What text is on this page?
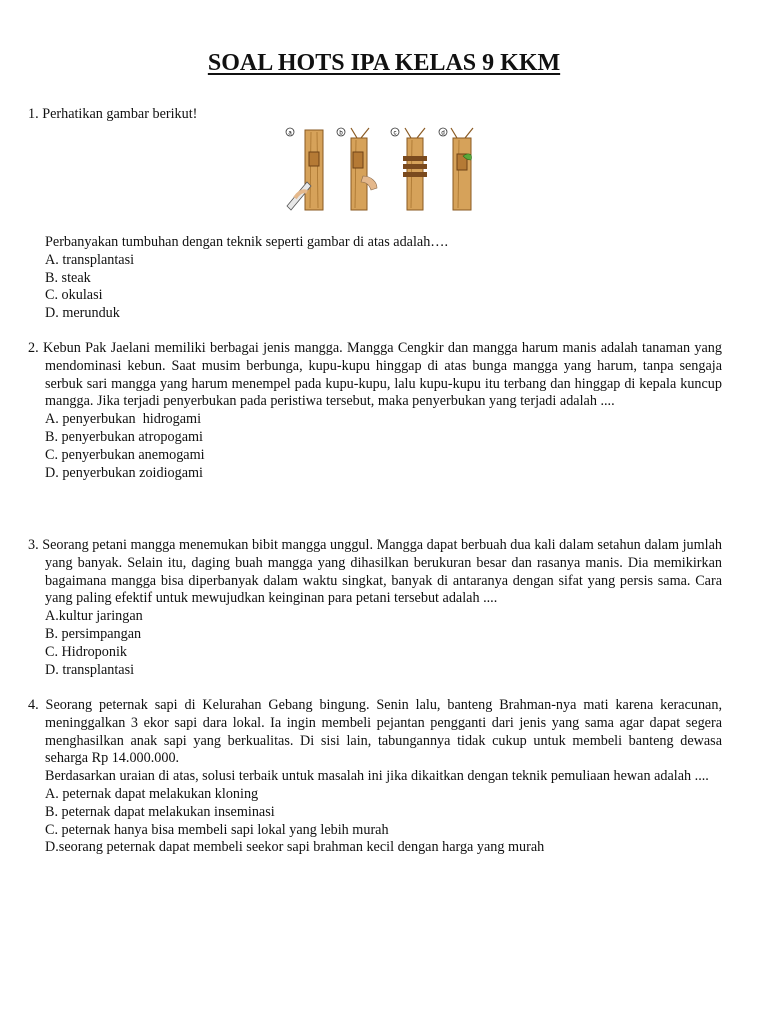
SOAL HOTS IPA KELAS 9 KKM
1. Perhatikan gambar berikut!
a	b	c	d
Perbanyakan tumbuhan dengan teknik seperti gambar di atas adalah….
A. transplantasi
B. steak
C. okulasi
D. merunduk
2. Kebun Pak Jaelani memiliki berbagai jenis mangga. Mangga Cengkir dan mangga harum manis adalah tanaman yang mendominasi kebun. Saat musim berbunga, kupu-kupu hinggap di atas bunga mangga yang harum, tanpa sengaja serbuk sari mangga yang harum menempel pada kupu-kupu, lalu kupu-kupu itu terbang dan hinggap di kepala kuncup mangga. Jika terjadi penyerbukan pada peristiwa tersebut, maka penyerbukan yang terjadi adalah ....
A. penyerbukan  hidrogami
B. penyerbukan atropogami
C. penyerbukan anemogami
D. penyerbukan zoidiogami
3. Seorang petani mangga menemukan bibit mangga unggul. Mangga dapat berbuah dua kali dalam setahun dalam jumlah yang banyak. Selain itu, daging buah mangga yang dihasilkan berukuran besar dan rasanya manis. Dia memikirkan bagaimana mangga bisa diperbanyak dalam waktu singkat, banyak di antaranya dengan sifat yang persis sama. Cara yang paling efektif untuk mewujudkan keinginan para petani tersebut adalah ....
A.kultur jaringan
B. persimpangan
C. Hidroponik
D. transplantasi
4. Seorang peternak sapi di Kelurahan Gebang bingung. Senin lalu, banteng Brahman-nya mati karena keracunan, meninggalkan 3 ekor sapi dara lokal. Ia ingin membeli pejantan pengganti dari jenis yang sama agar dapat segera menghasilkan anak sapi yang berkualitas. Di sisi lain, tabungannya tidak cukup untuk membeli banteng dewasa seharga Rp 14.000.000.
Berdasarkan uraian di atas, solusi terbaik untuk masalah ini jika dikaitkan dengan teknik pemuliaan hewan adalah ....
A. peternak dapat melakukan kloning
B. peternak dapat melakukan inseminasi
C. peternak hanya bisa membeli sapi lokal yang lebih murah
D.seorang peternak dapat membeli seekor sapi brahman kecil dengan harga yang murah
